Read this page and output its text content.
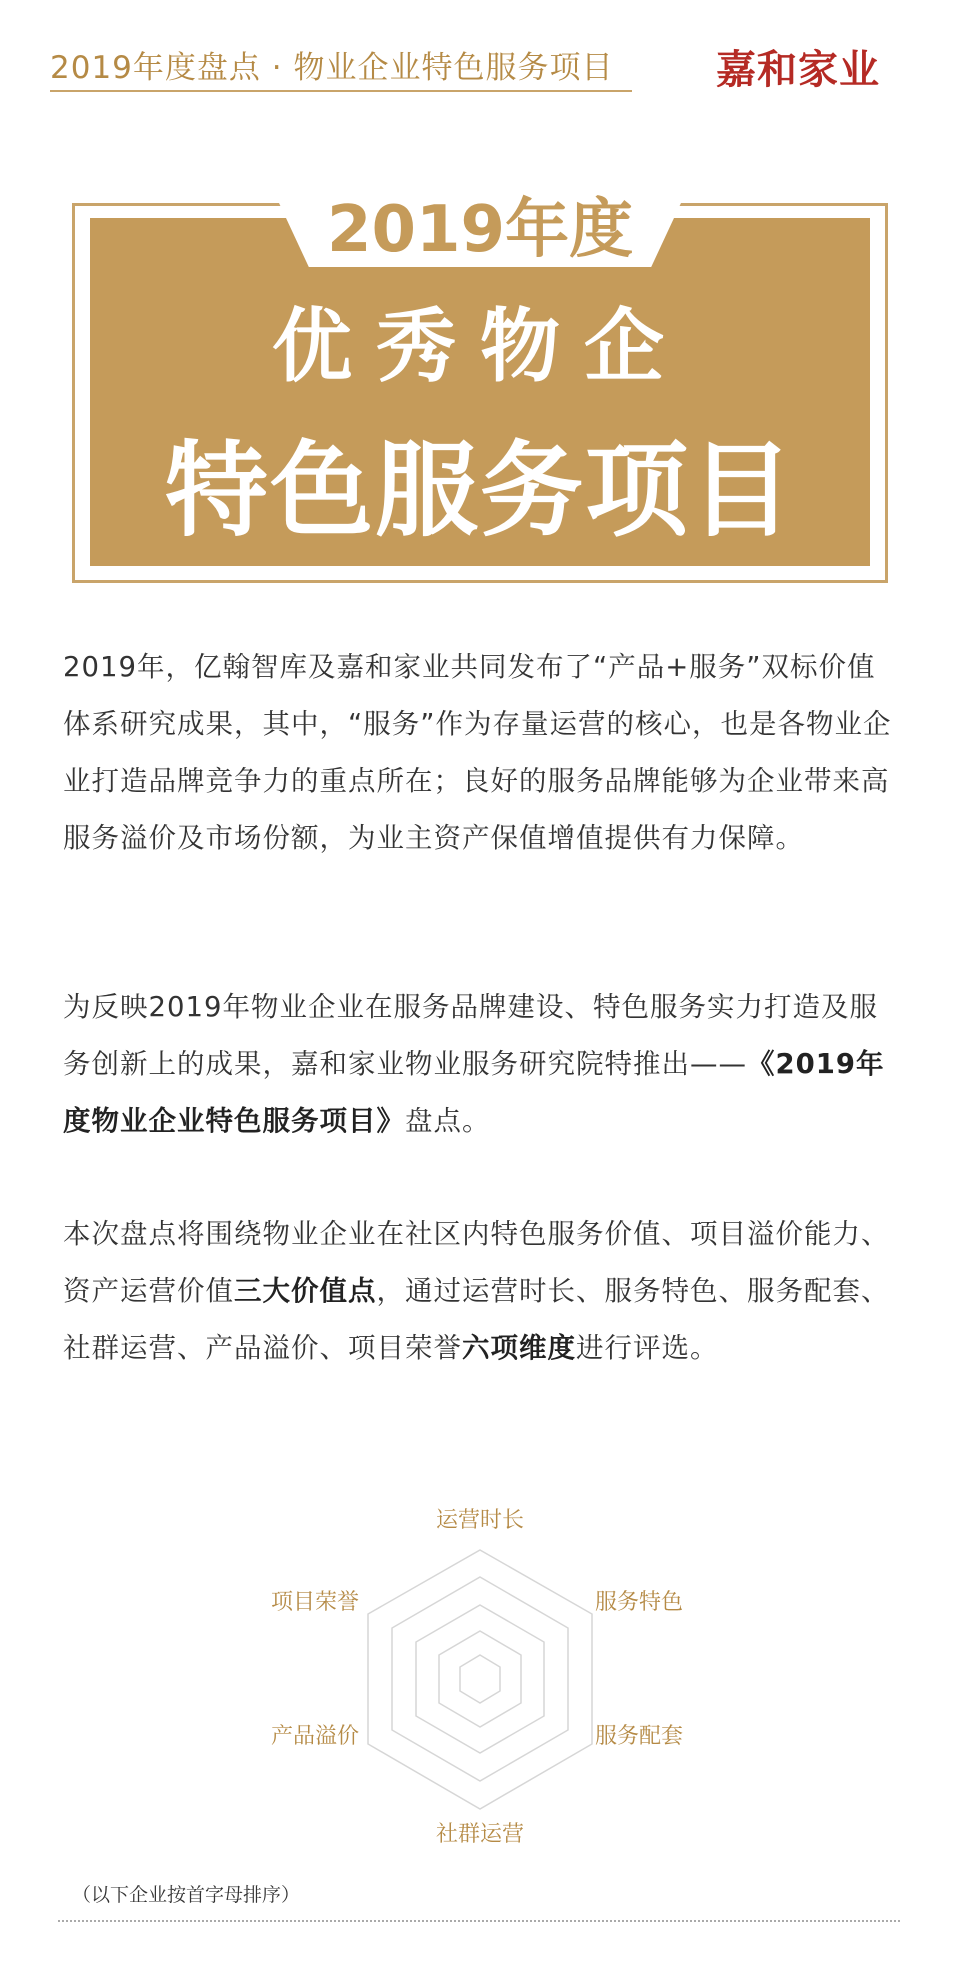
2019年度盘点 · 物业企业特色服务项目	嘉和家业
2019年度
优秀物企
特色服务项目

2019年，亿翰智库及嘉和家业共同发布了“产品+服务”双标价值体系研究成果，其中，“服务”作为存量运营的核心，也是各物业企业打造品牌竞争力的重点所在；良好的服务品牌能够为企业带来高服务溢价及市场份额，为业主资产保值增值提供有力保障。

为反映2019年物业企业在服务品牌建设、特色服务实力打造及服务创新上的成果，嘉和家业物业服务研究院特推出——《2019年度物业企业特色服务项目》盘点。

本次盘点将围绕物业企业在社区内特色服务价值、项目溢价能力、资产运营价值三大价值点，通过运营时长、服务特色、服务配套、社群运营、产品溢价、项目荣誉六项维度进行评选。

运营时长
服务特色
服务配套
社群运营
产品溢价
项目荣誉
（以下企业按首字母排序）
